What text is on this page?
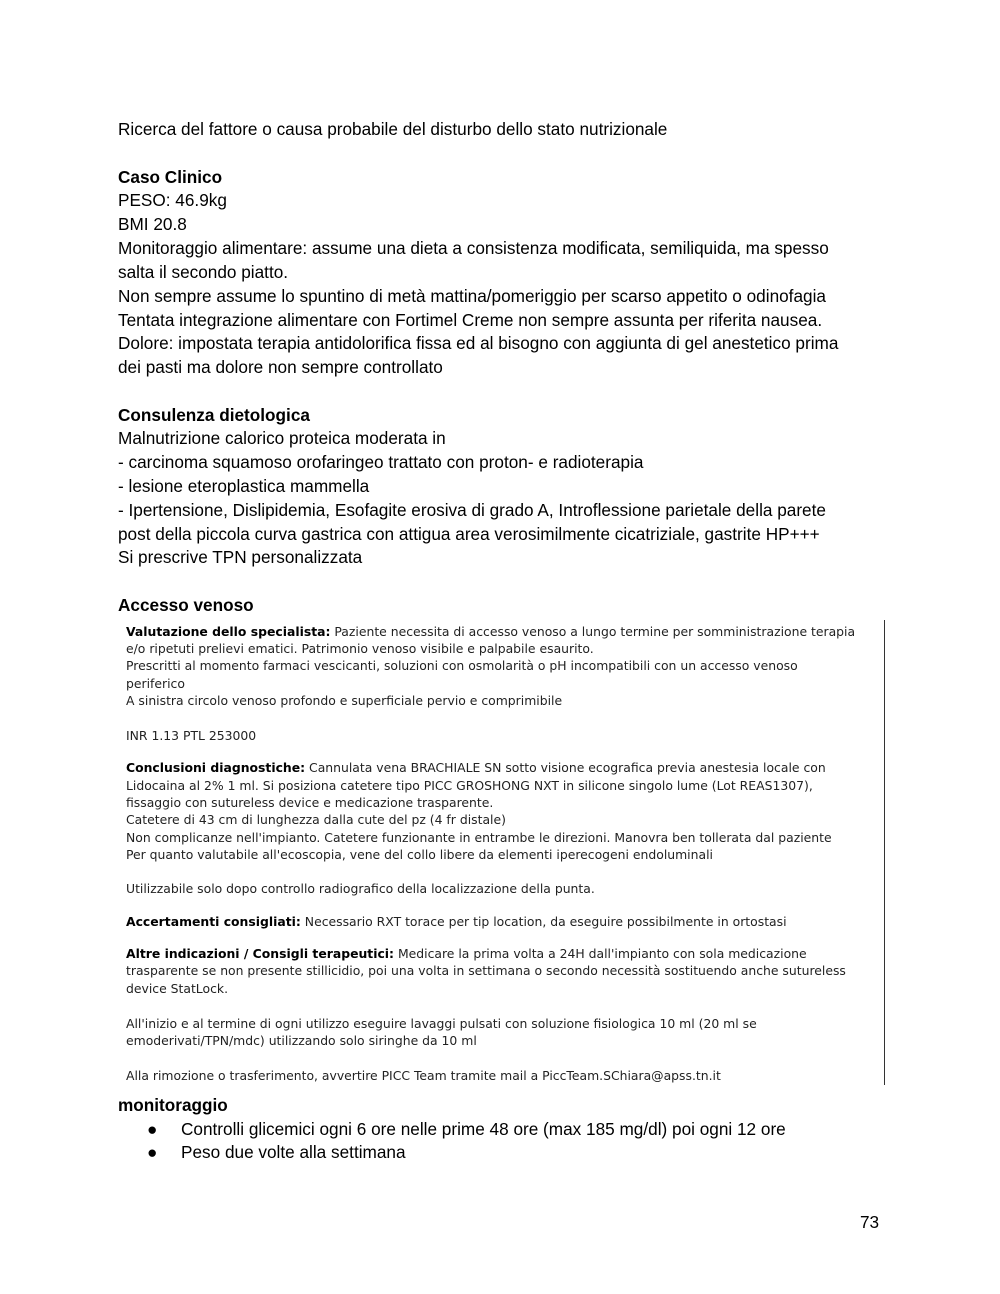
Ricerca del fattore o causa probabile del disturbo dello stato nutrizionale

Caso Clinico

PESO: 46.9kg

BMI 20.8

Monitoraggio alimentare: assume una dieta a consistenza modificata, semiliquida, ma spesso

salta il secondo piatto.

Non sempre assume lo spuntino di metà mattina/pomeriggio per scarso appetito o odinofagia

Tentata integrazione alimentare con Fortimel Creme non sempre assunta per riferita nausea.

Dolore: impostata terapia antidolorifica fissa ed al bisogno con aggiunta di gel anestetico prima

dei pasti ma dolore non sempre controllato

Consulenza dietologica

Malnutrizione calorico proteica moderata in

- carcinoma squamoso orofaringeo trattato con proton- e radioterapia

- lesione eteroplastica mammella

- Ipertensione, Dislipidemia, Esofagite erosiva di grado A, Introflessione parietale della parete

post della piccola curva gastrica con attigua area verosimilmente cicatriziale, gastrite HP+++

Si prescrive TPN personalizzata

Accesso venoso

Valutazione dello specialista: Paziente necessita di accesso venoso a lungo termine per somministrazione terapia

e/o ripetuti prelievi ematici. Patrimonio venoso visibile e palpabile esaurito.

Prescritti al momento farmaci vescicanti, soluzioni con osmolarità o pH incompatibili con un accesso venoso

periferico

A sinistra circolo venoso profondo e superficiale pervio e comprimibile

INR 1.13 PTL 253000

Conclusioni diagnostiche: Cannulata vena BRACHIALE SN sotto visione ecografica previa anestesia locale con

Lidocaina al 2% 1 ml. Si posiziona catetere tipo PICC GROSHONG NXT in silicone singolo lume (Lot REAS1307),

fissaggio con sutureless device e medicazione trasparente.

Catetere di 43 cm di lunghezza dalla cute del pz (4 fr distale)

Non complicanze nell'impianto. Catetere funzionante in entrambe le direzioni. Manovra ben tollerata dal paziente

Per quanto valutabile all'ecoscopia, vene del collo libere da elementi iperecogeni endoluminali

Utilizzabile solo dopo controllo radiografico della localizzazione della punta.

Accertamenti consigliati: Necessario RXT torace per tip location, da eseguire possibilmente in ortostasi

Altre indicazioni / Consigli terapeutici: Medicare la prima volta a 24H dall'impianto con sola medicazione

trasparente se non presente stillicidio, poi una volta in settimana o secondo necessità sostituendo anche sutureless

device StatLock.

All'inizio e al termine di ogni utilizzo eseguire lavaggi pulsati con soluzione fisiologica 10 ml (20 ml se

emoderivati/TPN/mdc) utilizzando solo siringhe da 10 ml

Alla rimozione o trasferimento, avvertire PICC Team tramite mail a PiccTeam.SChiara@apss.tn.it

monitoraggio

● Controlli glicemici ogni 6 ore nelle prime 48 ore (max 185 mg/dl) poi ogni 12 ore
● Peso due volte alla settimana
73
